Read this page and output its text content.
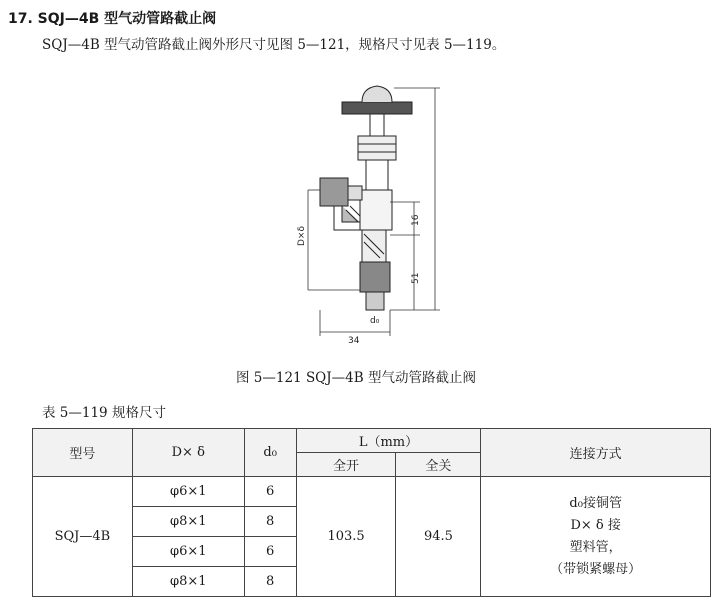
17. SQJ—4B 型气动管路截止阀
SQJ—4B 型气动管路截止阀外形尺寸见图 5—121，规格尺寸见表 5—119。
D×δ
16
51
34
d₀
图 5—121 SQJ—4B 型气动管路截止阀
表 5—119 规格尺寸
型号	D× δ	d₀	L（mm）		连接方式
			全开	全关	
SQJ—4B	φ6×1	6	103.5	94.5	d₀接铜管
D× δ 接
塑料管，
（带锁紧螺母）

	φ8×1	8			
	φ6×1	6			
	φ8×1	8			
